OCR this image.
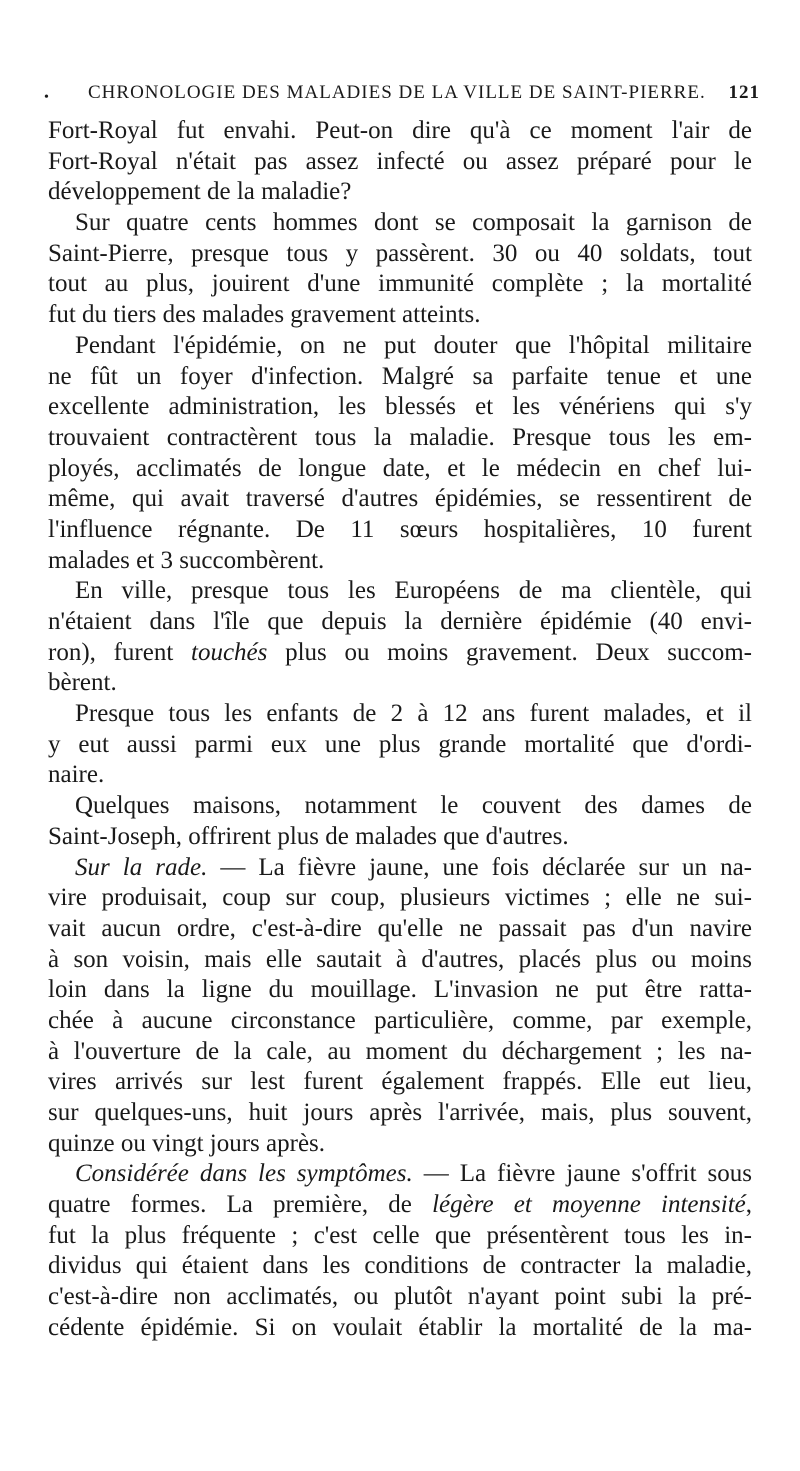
• CHRONOLOGIE DES MALADIES DE LA VILLE DE SAINT-PIERRE. 121
Fort-Royal fut envahi. Peut-on dire qu'à ce moment l'air de
Fort-Royal n'était pas assez infecté ou assez préparé pour le
développement de la maladie?
Sur quatre cents hommes dont se composait la garnison de
Saint-Pierre, presque tous y passèrent. 30 ou 40 soldats, tout
tout au plus, jouirent d'une immunité complète ; la mortalité
fut du tiers des malades gravement atteints.
Pendant l'épidémie, on ne put douter que l'hôpital militaire
ne fût un foyer d'infection. Malgré sa parfaite tenue et une
excellente administration, les blessés et les vénériens qui s'y
trouvaient contractèrent tous la maladie. Presque tous les em-
ployés, acclimatés de longue date, et le médecin en chef lui-
même, qui avait traversé d'autres épidémies, se ressentirent de
l'influence régnante. De 11 sœurs hospitalières, 10 furent
malades et 3 succombèrent.
En ville, presque tous les Européens de ma clientèle, qui
n'étaient dans l'île que depuis la dernière épidémie (40 envi-
ron), furent touchés plus ou moins gravement. Deux succom-
bèrent.
Presque tous les enfants de 2 à 12 ans furent malades, et il
y eut aussi parmi eux une plus grande mortalité que d'ordi-
naire.
Quelques maisons, notamment le couvent des dames de
Saint-Joseph, offrirent plus de malades que d'autres.
Sur la rade. — La fièvre jaune, une fois déclarée sur un na-
vire produisait, coup sur coup, plusieurs victimes ; elle ne sui-
vait aucun ordre, c'est-à-dire qu'elle ne passait pas d'un navire
à son voisin, mais elle sautait à d'autres, placés plus ou moins
loin dans la ligne du mouillage. L'invasion ne put être ratta-
chée à aucune circonstance particulière, comme, par exemple,
à l'ouverture de la cale, au moment du déchargement ; les na-
vires arrivés sur lest furent également frappés. Elle eut lieu,
sur quelques-uns, huit jours après l'arrivée, mais, plus souvent,
quinze ou vingt jours après.
Considérée dans les symptômes. — La fièvre jaune s'offrit sous
quatre formes. La première, de légère et moyenne intensité,
fut la plus fréquente ; c'est celle que présentèrent tous les in-
dividus qui étaient dans les conditions de contracter la maladie,
c'est-à-dire non acclimatés, ou plutôt n'ayant point subi la pré-
cédente épidémie. Si on voulait établir la mortalité de la ma-
